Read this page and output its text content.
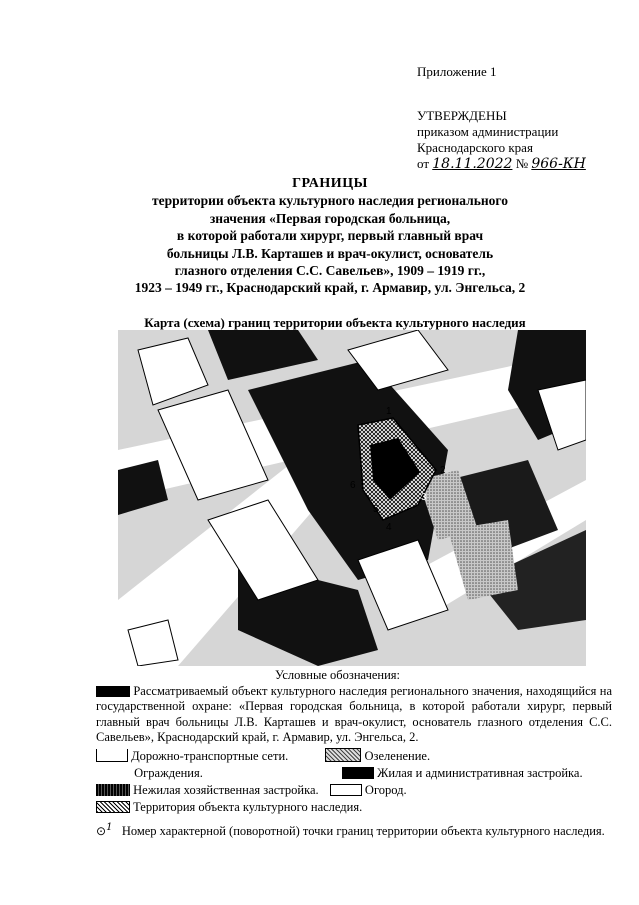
Приложение 1
УТВЕРЖДЕНЫ
приказом администрации
Краснодарского края
от 18.11.2022 № 966-КН
ГРАНИЦЫ
территории объекта культурного наследия регионального
значения «Первая городская больница,
в которой работали хирург, первый главный врач
больницы Л.В. Карташев и врач-окулист, основатель
глазного отделения С.С. Савельев», 1909 – 1919 гг.,
1923 – 1949 гг., Краснодарский край, г. Армавир, ул. Энгельса, 2
Карта (схема) границ территории объекта культурного наследия
1
2
3
4
5
6
Условные обозначения:
Рассматриваемый объект культурного наследия регионального значения, находящийся на государственной охране: «Первая городская больница, в которой работали хирург, первый главный врач больницы Л.В. Карташев и врач-окулист, основатель глазного отделения С.С. Савельев», Краснодарский край, г. Армавир, ул. Энгельса, 2.
Дорожно-транспортные сети.	Озеленение.
Ограждения.	Жилая и административная застройка.
Нежилая хозяйственная застройка.	Огород.
Территория объекта культурного наследия.
⊙$^1$ Номер характерной (поворотной) точки границ территории объекта культурного наследия.
